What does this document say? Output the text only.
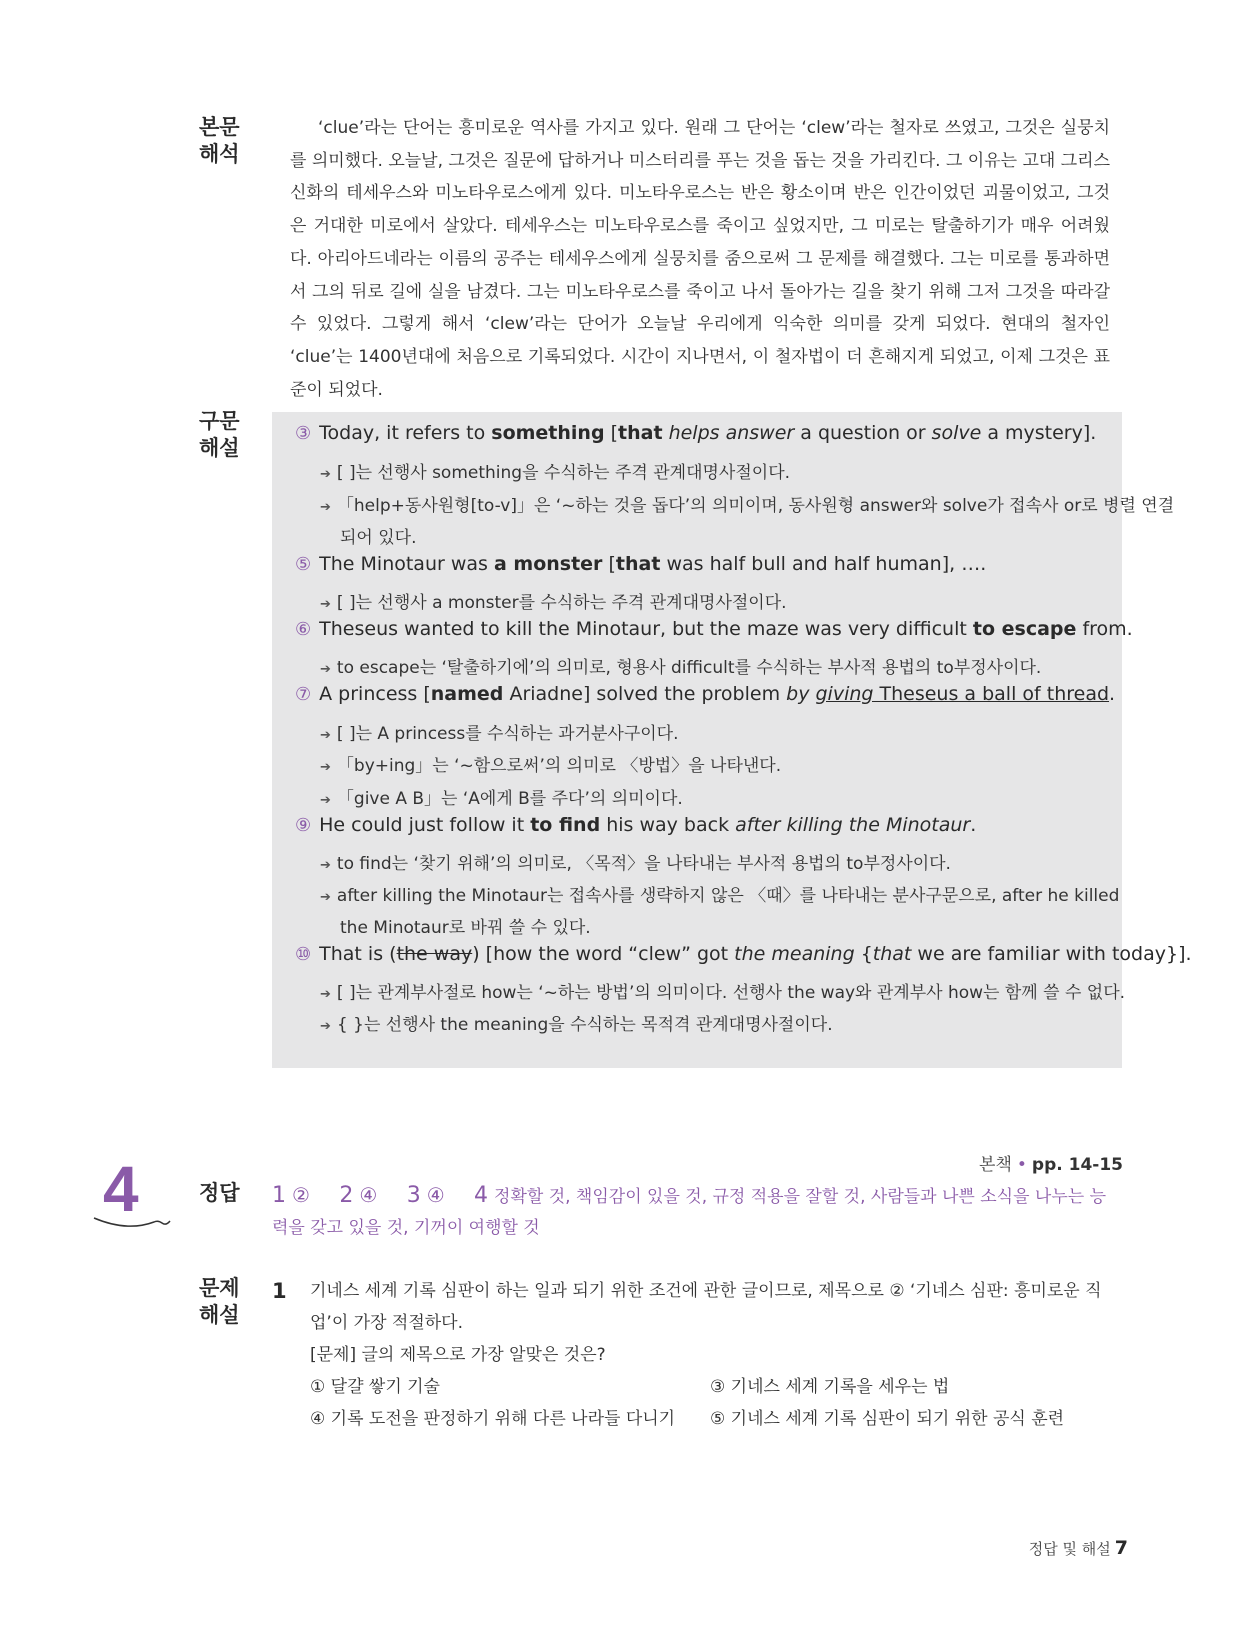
본문
해석

‘clue’라는 단어는 흥미로운 역사를 가지고 있다. 원래 그 단어는 ‘clew’라는 철자로 쓰였고, 그것은 실뭉치를 의미했다. 오늘날, 그것은 질문에 답하거나 미스터리를 푸는 것을 돕는 것을 가리킨다. 그 이유는 고대 그리스 신화의 테세우스와 미노타우로스에게 있다. 미노타우로스는 반은 황소이며 반은 인간이었던 괴물이었고, 그것은 거대한 미로에서 살았다. 테세우스는 미노타우로스를 죽이고 싶었지만, 그 미로는 탈출하기가 매우 어려웠다. 아리아드네라는 이름의 공주는 테세우스에게 실뭉치를 줌으로써 그 문제를 해결했다. 그는 미로를 통과하면서 그의 뒤로 길에 실을 남겼다. 그는 미노타우로스를 죽이고 나서 돌아가는 길을 찾기 위해 그저 그것을 따라갈 수 있었다. 그렇게 해서 ‘clew’라는 단어가 오늘날 우리에게 익숙한 의미를 갖게 되었다. 현대의 철자인 ‘clue’는 1400년대에 처음으로 기록되었다. 시간이 지나면서, 이 철자법이 더 흔해지게 되었고, 이제 그것은 표준이 되었다.

구문
해설
③ Today, it refers to something [that helps answer a question or solve a mystery].
➔ [ ]는 선행사 something을 수식하는 주격 관계대명사절이다.
➔ 「help+동사원형[to-v]」은 ‘~하는 것을 돕다’의 의미이며, 동사원형 answer와 solve가 접속사 or로 병렬 연결
되어 있다.
⑤ The Minotaur was a monster [that was half bull and half human], ….
➔ [ ]는 선행사 a monster를 수식하는 주격 관계대명사절이다.
⑥ Theseus wanted to kill the Minotaur, but the maze was very difficult to escape from.
➔ to escape는 ‘탈출하기에’의 의미로, 형용사 difficult를 수식하는 부사적 용법의 to부정사이다.
⑦ A princess [named Ariadne] solved the problem by giving Theseus a ball of thread.
➔ [ ]는 A princess를 수식하는 과거분사구이다.
➔ 「by+ing」는 ‘~함으로써’의 의미로 〈방법〉을 나타낸다.
➔ 「give A B」는 ‘A에게 B를 주다’의 의미이다.
⑨ He could just follow it to find his way back after killing the Minotaur.
➔ to find는 ‘찾기 위해’의 의미로, 〈목적〉을 나타내는 부사적 용법의 to부정사이다.
➔ after killing the Minotaur는 접속사를 생략하지 않은 〈때〉를 나타내는 분사구문으로, after he killed
the Minotaur로 바꿔 쓸 수 있다.
⑩ That is (the way) [how the word “clew” got the meaning {that we are familiar with today}].
➔ [ ]는 관계부사절로 how는 ‘~하는 방법’의 의미이다. 선행사 the way와 관계부사 how는 함께 쓸 수 없다.
➔ { }는 선행사 the meaning을 수식하는 목적격 관계대명사절이다.
본책 • pp. 14-15
4	정답	1 ② 2 ④ 3 ④ 4 정확할 것, 책임감이 있을 것, 규정 적용을 잘할 것, 사람들과 나쁜 소식을 나누는 능력을 갖고 있을 것, 기꺼이 여행할 것
문제
해설
1 기네스 세계 기록 심판이 하는 일과 되기 위한 조건에 관한 글이므로, 제목으로 ② ‘기네스 심판: 흥미로운 직업’이 가장 적절하다.
[문제] 글의 제목으로 가장 알맞은 것은?
① 달걀 쌓기 기술	③ 기네스 세계 기록을 세우는 법
④ 기록 도전을 판정하기 위해 다른 나라들 다니기	⑤ 기네스 세계 기록 심판이 되기 위한 공식 훈련
정답 및 해설 7
